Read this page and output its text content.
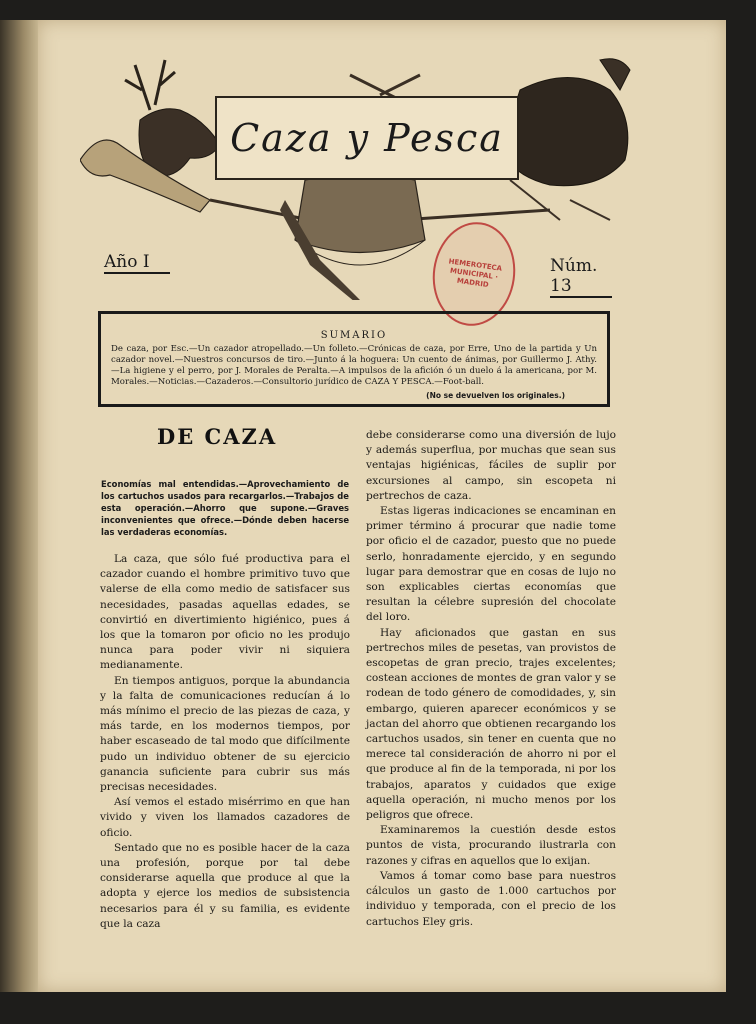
Caza y Pesca
Año I	Núm. 13
HEMEROTECA MUNICIPAL · MADRID
SUMARIO
De caza, por Esc.—Un cazador atropellado.—Un folleto.—Crónicas de caza, por Erre, Uno de la partida y Un cazador novel.—Nuestros concursos de tiro.—Junto á la hoguera: Un cuento de ánimas, por Guillermo J. Athy.—La higiene y el perro, por J. Morales de Peralta.—A impulsos de la afición ó un duelo á la americana, por M. Morales.—Noticias.—Cazaderos.—Consultorio jurídico de CAZA Y PESCA.—Foot-ball.
(No se devuelven los originales.)
DE CAZA
Economías mal entendidas.—Aprovechamiento de los cartuchos usados para recargarlos.—Trabajos de esta operación.—Ahorro que supone.—Graves inconvenientes que ofrece.—Dónde deben hacerse las verdaderas economías.

La caza, que sólo fué productiva para el cazador cuando el hombre primitivo tuvo que valerse de ella como medio de satisfacer sus necesidades, pasadas aquellas edades, se convirtió en divertimiento higiénico, pues á los que la tomaron por oficio no les produjo nunca para poder vivir ni siquiera medianamente.

En tiempos antiguos, porque la abundancia y la falta de comunicaciones reducían á lo más mínimo el precio de las piezas de caza, y más tarde, en los modernos tiempos, por haber escaseado de tal modo que difícilmente pudo un individuo obtener de su ejercicio ganancia suficiente para cubrir sus más precisas necesidades.

Así vemos el estado misérrimo en que han vivido y viven los llamados cazadores de oficio.

Sentado que no es posible hacer de la caza una profesión, porque por tal debe considerarse aquella que produce al que la adopta y ejerce los medios de subsistencia necesarios para él y su familia, es evidente que la caza

debe considerarse como una diversión de lujo y además superflua, por muchas que sean sus ventajas higiénicas, fáciles de suplir por excursiones al campo, sin escopeta ni pertrechos de caza.

Estas ligeras indicaciones se encaminan en primer término á procurar que nadie tome por oficio el de cazador, puesto que no puede serlo, honradamente ejercido, y en segundo lugar para demostrar que en cosas de lujo no son explicables ciertas economías que resultan la célebre supresión del chocolate del loro.

Hay aficionados que gastan en sus pertrechos miles de pesetas, van provistos de escopetas de gran precio, trajes excelentes; costean acciones de montes de gran valor y se rodean de todo género de comodidades, y, sin embargo, quieren aparecer económicos y se jactan del ahorro que obtienen recargando los cartuchos usados, sin tener en cuenta que no merece tal consideración de ahorro ni por el que produce al fin de la temporada, ni por los trabajos, aparatos y cuidados que exige aquella operación, ni mucho menos por los peligros que ofrece.

Examinaremos la cuestión desde estos puntos de vista, procurando ilustrarla con razones y cifras en aquellos que lo exijan.

Vamos á tomar como base para nuestros cálculos un gasto de 1.000 cartuchos por individuo y temporada, con el precio de los cartuchos Eley gris.
